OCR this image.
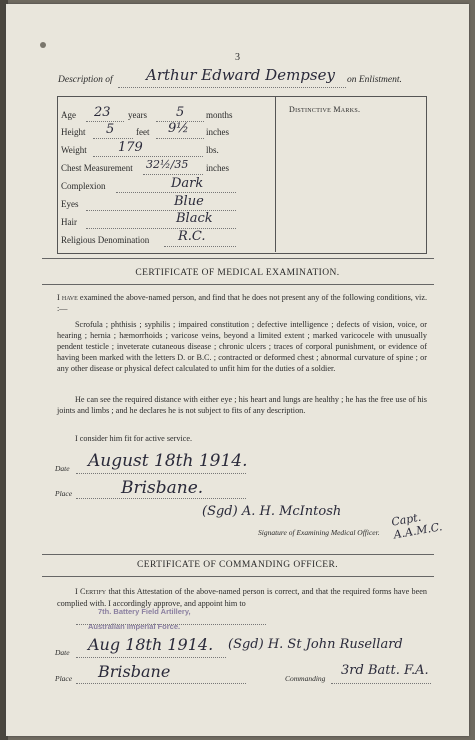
3
Description of Arthur Edward Dempsey on Enlistment.
Distinctive Marks.
Age 23 years 5 months
Height 5 feet 9½ inches
Weight 179	lbs.
Chest Measurement 32½/35 inches
Complexion	Dark
Eyes	Blue
Hair	Black
Religious Denomination R.C.
CERTIFICATE OF MEDICAL EXAMINATION.

I have examined the above-named person, and find that he does not present any of the following conditions, viz. :—

Scrofula ; phthisis ; syphilis ; impaired constitution ; defective intelligence ; defects of vision, voice, or hearing ; hernia ; hæmorrhoids ; varicose veins, beyond a limited extent ; marked varicocele with unusually pendent testicle ; inveterate cutaneous disease ; chronic ulcers ; traces of corporal punishment, or evidence of having been marked with the letters D. or B.C. ; contracted or deformed chest ; abnormal curvature of spine ; or any other disease or physical defect calculated to unfit him for the duties of a soldier.

He can see the required distance with either eye ; his heart and lungs are healthy ; he has the free use of his joints and limbs ; and he declares he is not subject to fits of any description.

I consider him fit for active service.

Date August 18th 1914.
Place	Brisbane.
(Sgd) A. H. McIntosh	Capt. A.A.M.C.
Signature of Examining Medical Officer.
CERTIFICATE OF COMMANDING OFFICER.

I Certify that this Attestation of the above-named person is correct, and that the required forms have been complied with. I accordingly approve, and appoint him to

7th. Battery Field Artillery,
Australian Imperial Force.
Date Aug 18th 1914. (Sgd) H. St John Rusellard
Place Brisbane	Commanding
3rd Batt. F.A.
